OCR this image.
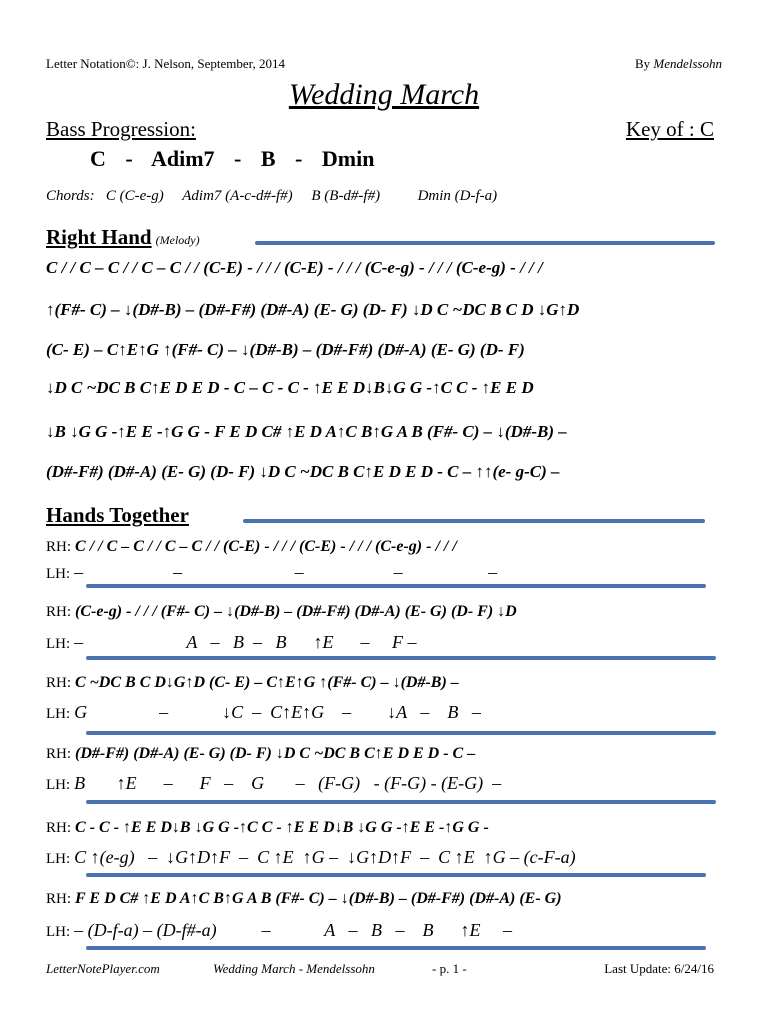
Letter Notation©: J. Nelson, September, 2014	By Mendelssohn
Wedding March
Bass Progression:	Key of : C
C - Adim7 - B - Dmin
Chords:   C (C-e-g)     Adim7 (A-c-d#-f#)     B (B-d#-f#)          Dmin (D-f-a)
Right Hand (Melody)
C / / C – C / / C – C / / (C-E) - / / / (C-E) - / / / (C-e-g) - / / / (C-e-g) - / / /
↑(F#- C) – ↓(D#-B) – (D#-F#) (D#-A) (E- G) (D- F) ↓D C ~DC B C D ↓G↑D
(C- E) – C↑E↑G ↑(F#- C) – ↓(D#-B) – (D#-F#) (D#-A) (E- G) (D- F)
↓D C ~DC B C↑E D E D - C – C - C - ↑E E D↓B↓G G -↑C C - ↑E E D
↓B ↓G G -↑E E -↑G G - F E D C# ↑E D A↑C B↑G A B (F#- C) – ↓(D#-B) –
(D#-F#) (D#-A) (E- G) (D- F) ↓D C ~DC B C↑E D E D - C – ↑↑(e- g-C) –
Hands Together
RH: C / / C – C / / C – C / / (C-E) - / / / (C-E) - / / / (C-e-g) - / / /
LH: –                    –                         –                    –                   –
RH: (C-e-g) - / / / (F#- C) – ↓(D#-B) – (D#-F#) (D#-A) (E- G) (D- F) ↓D
LH: –                       A   –   B  –   B      ↑E      –     F –
RH: C ~DC B C D↓G↑D (C- E) – C↑E↑G ↑(F#- C) – ↓(D#-B) –
LH: G                –            ↓C  –  C↑E↑G    –        ↓A   –    B   –
RH: (D#-F#) (D#-A) (E- G) (D- F) ↓D C ~DC B C↑E D E D - C –
LH: B       ↑E      –      F   –    G       –   (F-G)   - (F-G) - (E-G)  –
RH: C - C - ↑E E D↓B ↓G G -↑C C - ↑E E D↓B ↓G G -↑E E -↑G G -
LH: C ↑(e-g)   –  ↓G↑D↑F  –  C ↑E  ↑G –  ↓G↑D↑F  –  C ↑E  ↑G – (c-F-a)
RH: F E D C# ↑E D A↑C B↑G A B (F#- C) – ↓(D#-B) – (D#-F#) (D#-A) (E- G)
LH: – (D-f-a) – (D-f#-a)          –            A   –   B   –    B      ↑E     –
LetterNotePlayer.com	Wedding March - Mendelssohn	- p. 1 -	Last Update: 6/24/16
